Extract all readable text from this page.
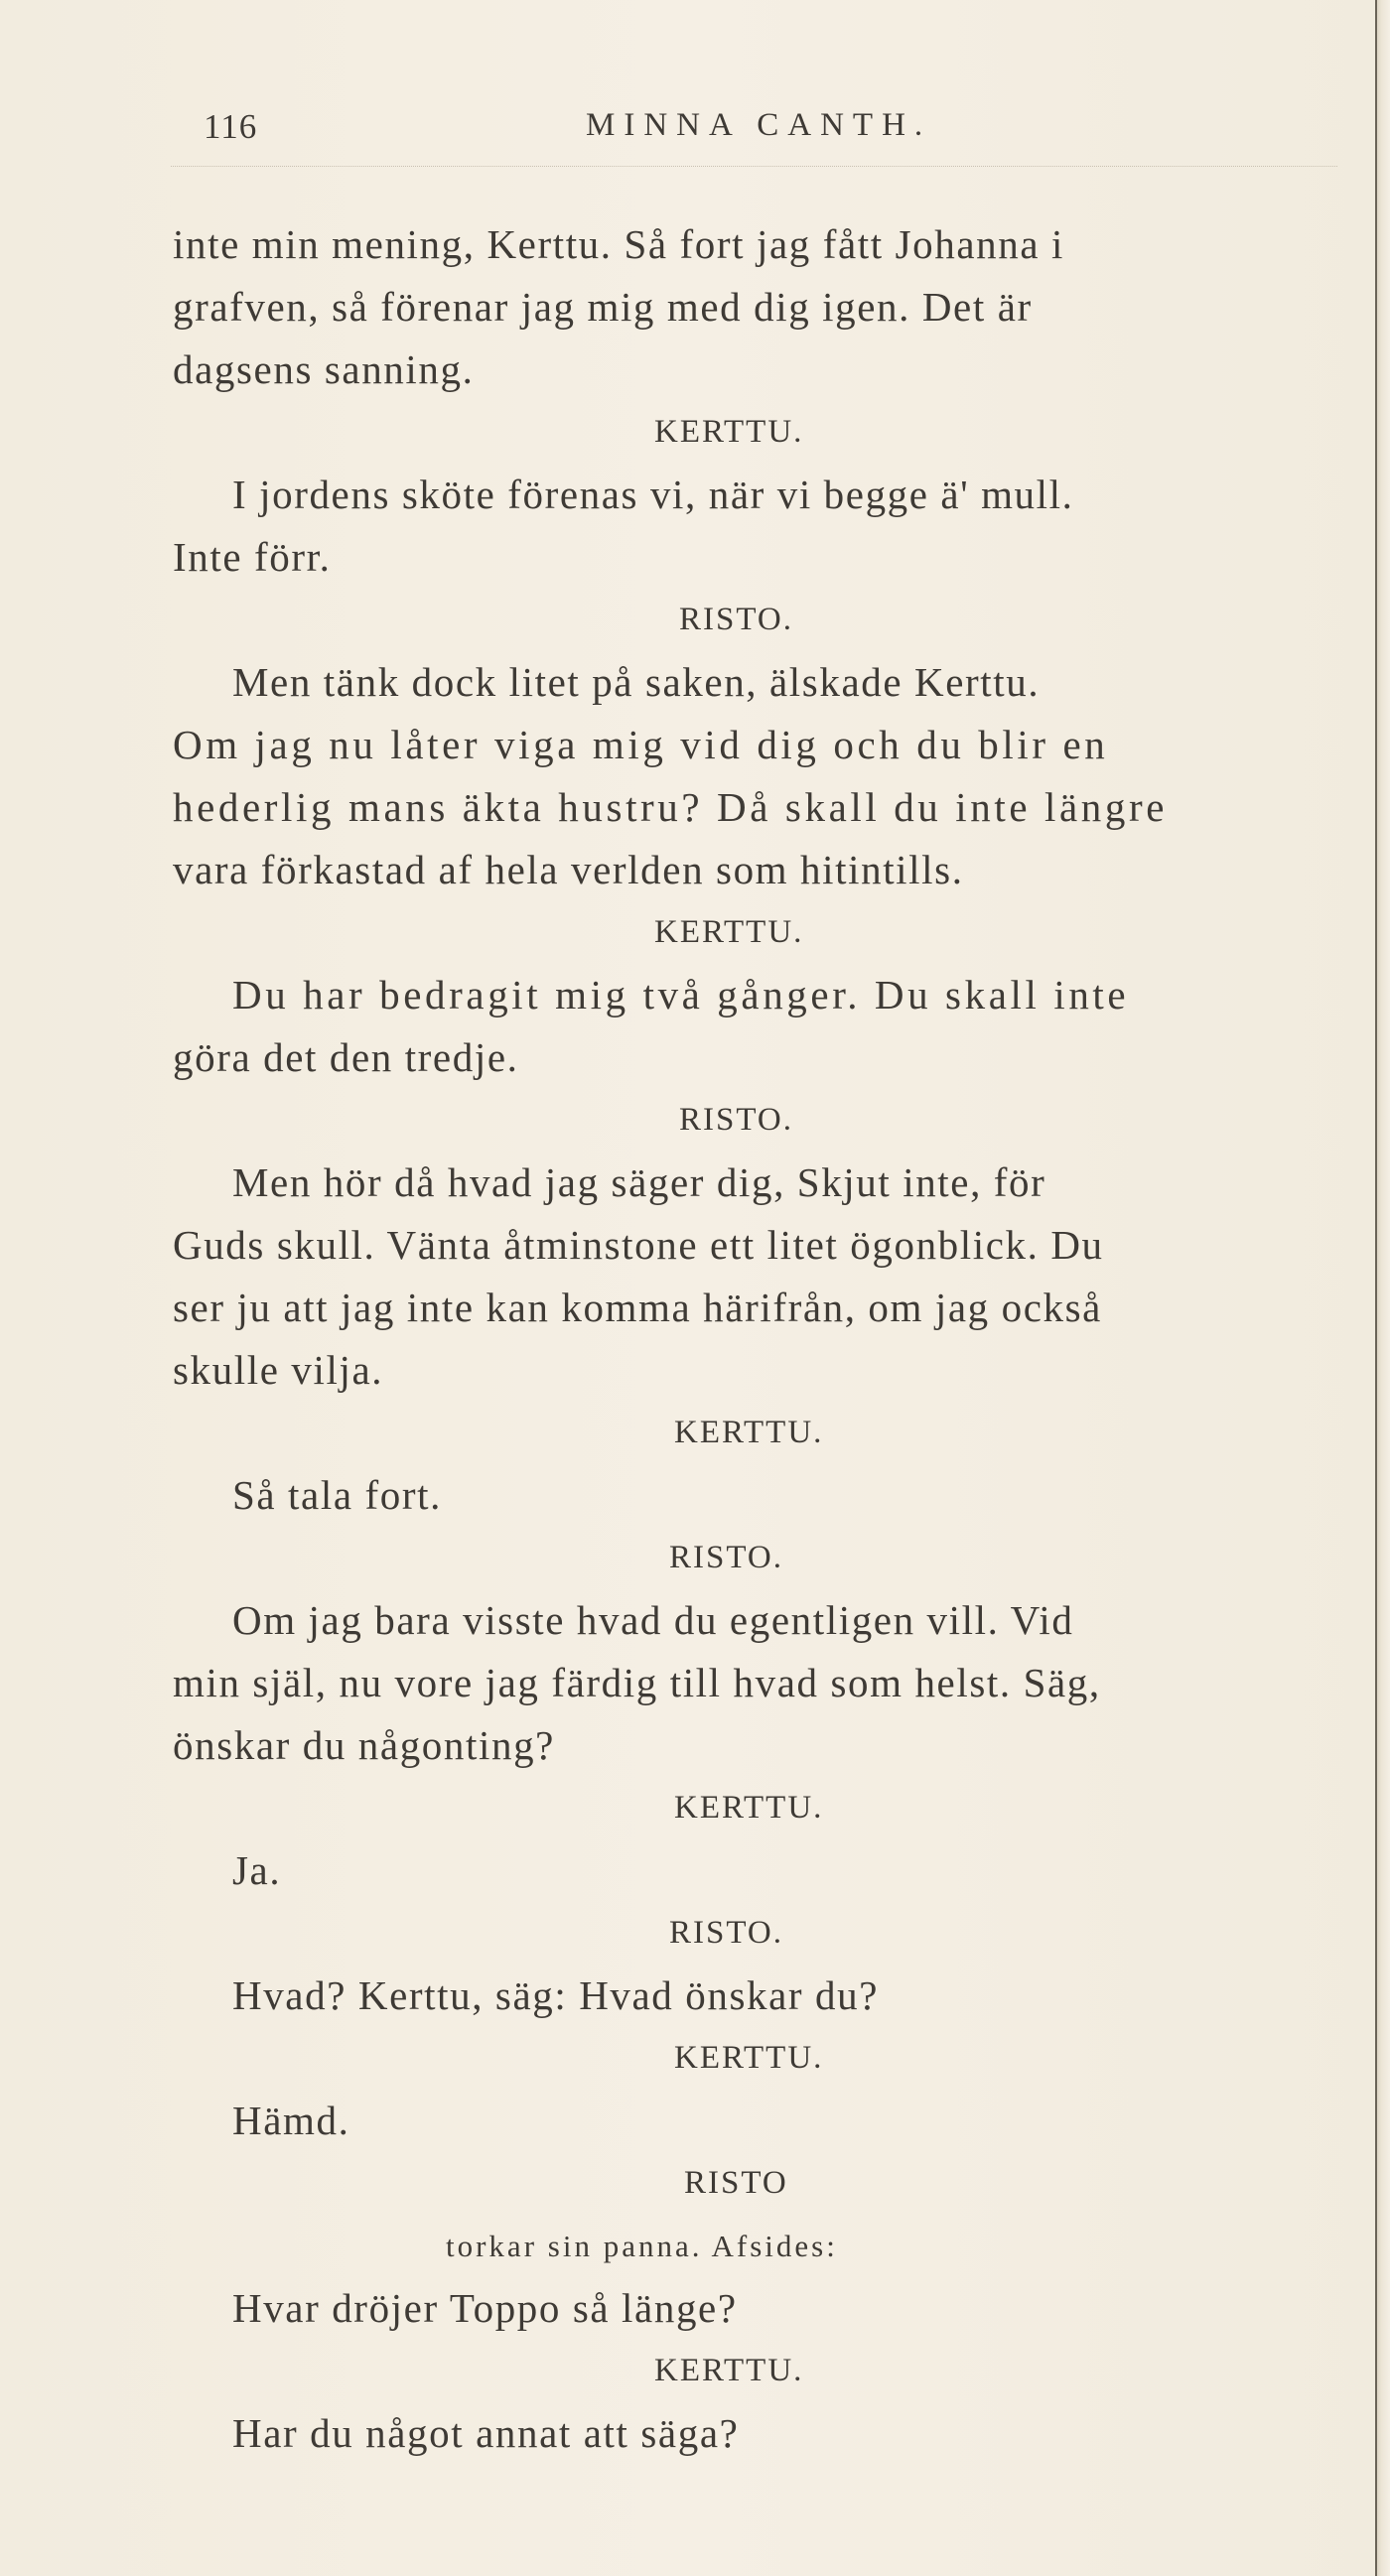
116	MINNA CANTH.
inte min mening, Kerttu. Så fort jag fått Johanna i
grafven, så förenar jag mig med dig igen. Det är
dagsens sanning.
KERTTU.
I jordens sköte förenas vi, när vi begge ä' mull.
Inte förr.
RISTO.
Men tänk dock litet på saken, älskade Kerttu.
Om jag nu låter viga mig vid dig och du blir en
hederlig mans äkta hustru? Då skall du inte längre
vara förkastad af hela verlden som hitintills.
KERTTU.
Du har bedragit mig två gånger. Du skall inte
göra det den tredje.
RISTO.
Men hör då hvad jag säger dig, Skjut inte, för
Guds skull. Vänta åtminstone ett litet ögonblick. Du
ser ju att jag inte kan komma härifrån, om jag också
skulle vilja.
KERTTU.
Så tala fort.
RISTO.
Om jag bara visste hvad du egentligen vill. Vid
min själ, nu vore jag färdig till hvad som helst. Säg,
önskar du någonting?
KERTTU.
Ja.
RISTO.
Hvad? Kerttu, säg: Hvad önskar du?
KERTTU.
Hämd.
RISTO
torkar sin panna. Afsides:
Hvar dröjer Toppo så länge?
KERTTU.
Har du något annat att säga?
